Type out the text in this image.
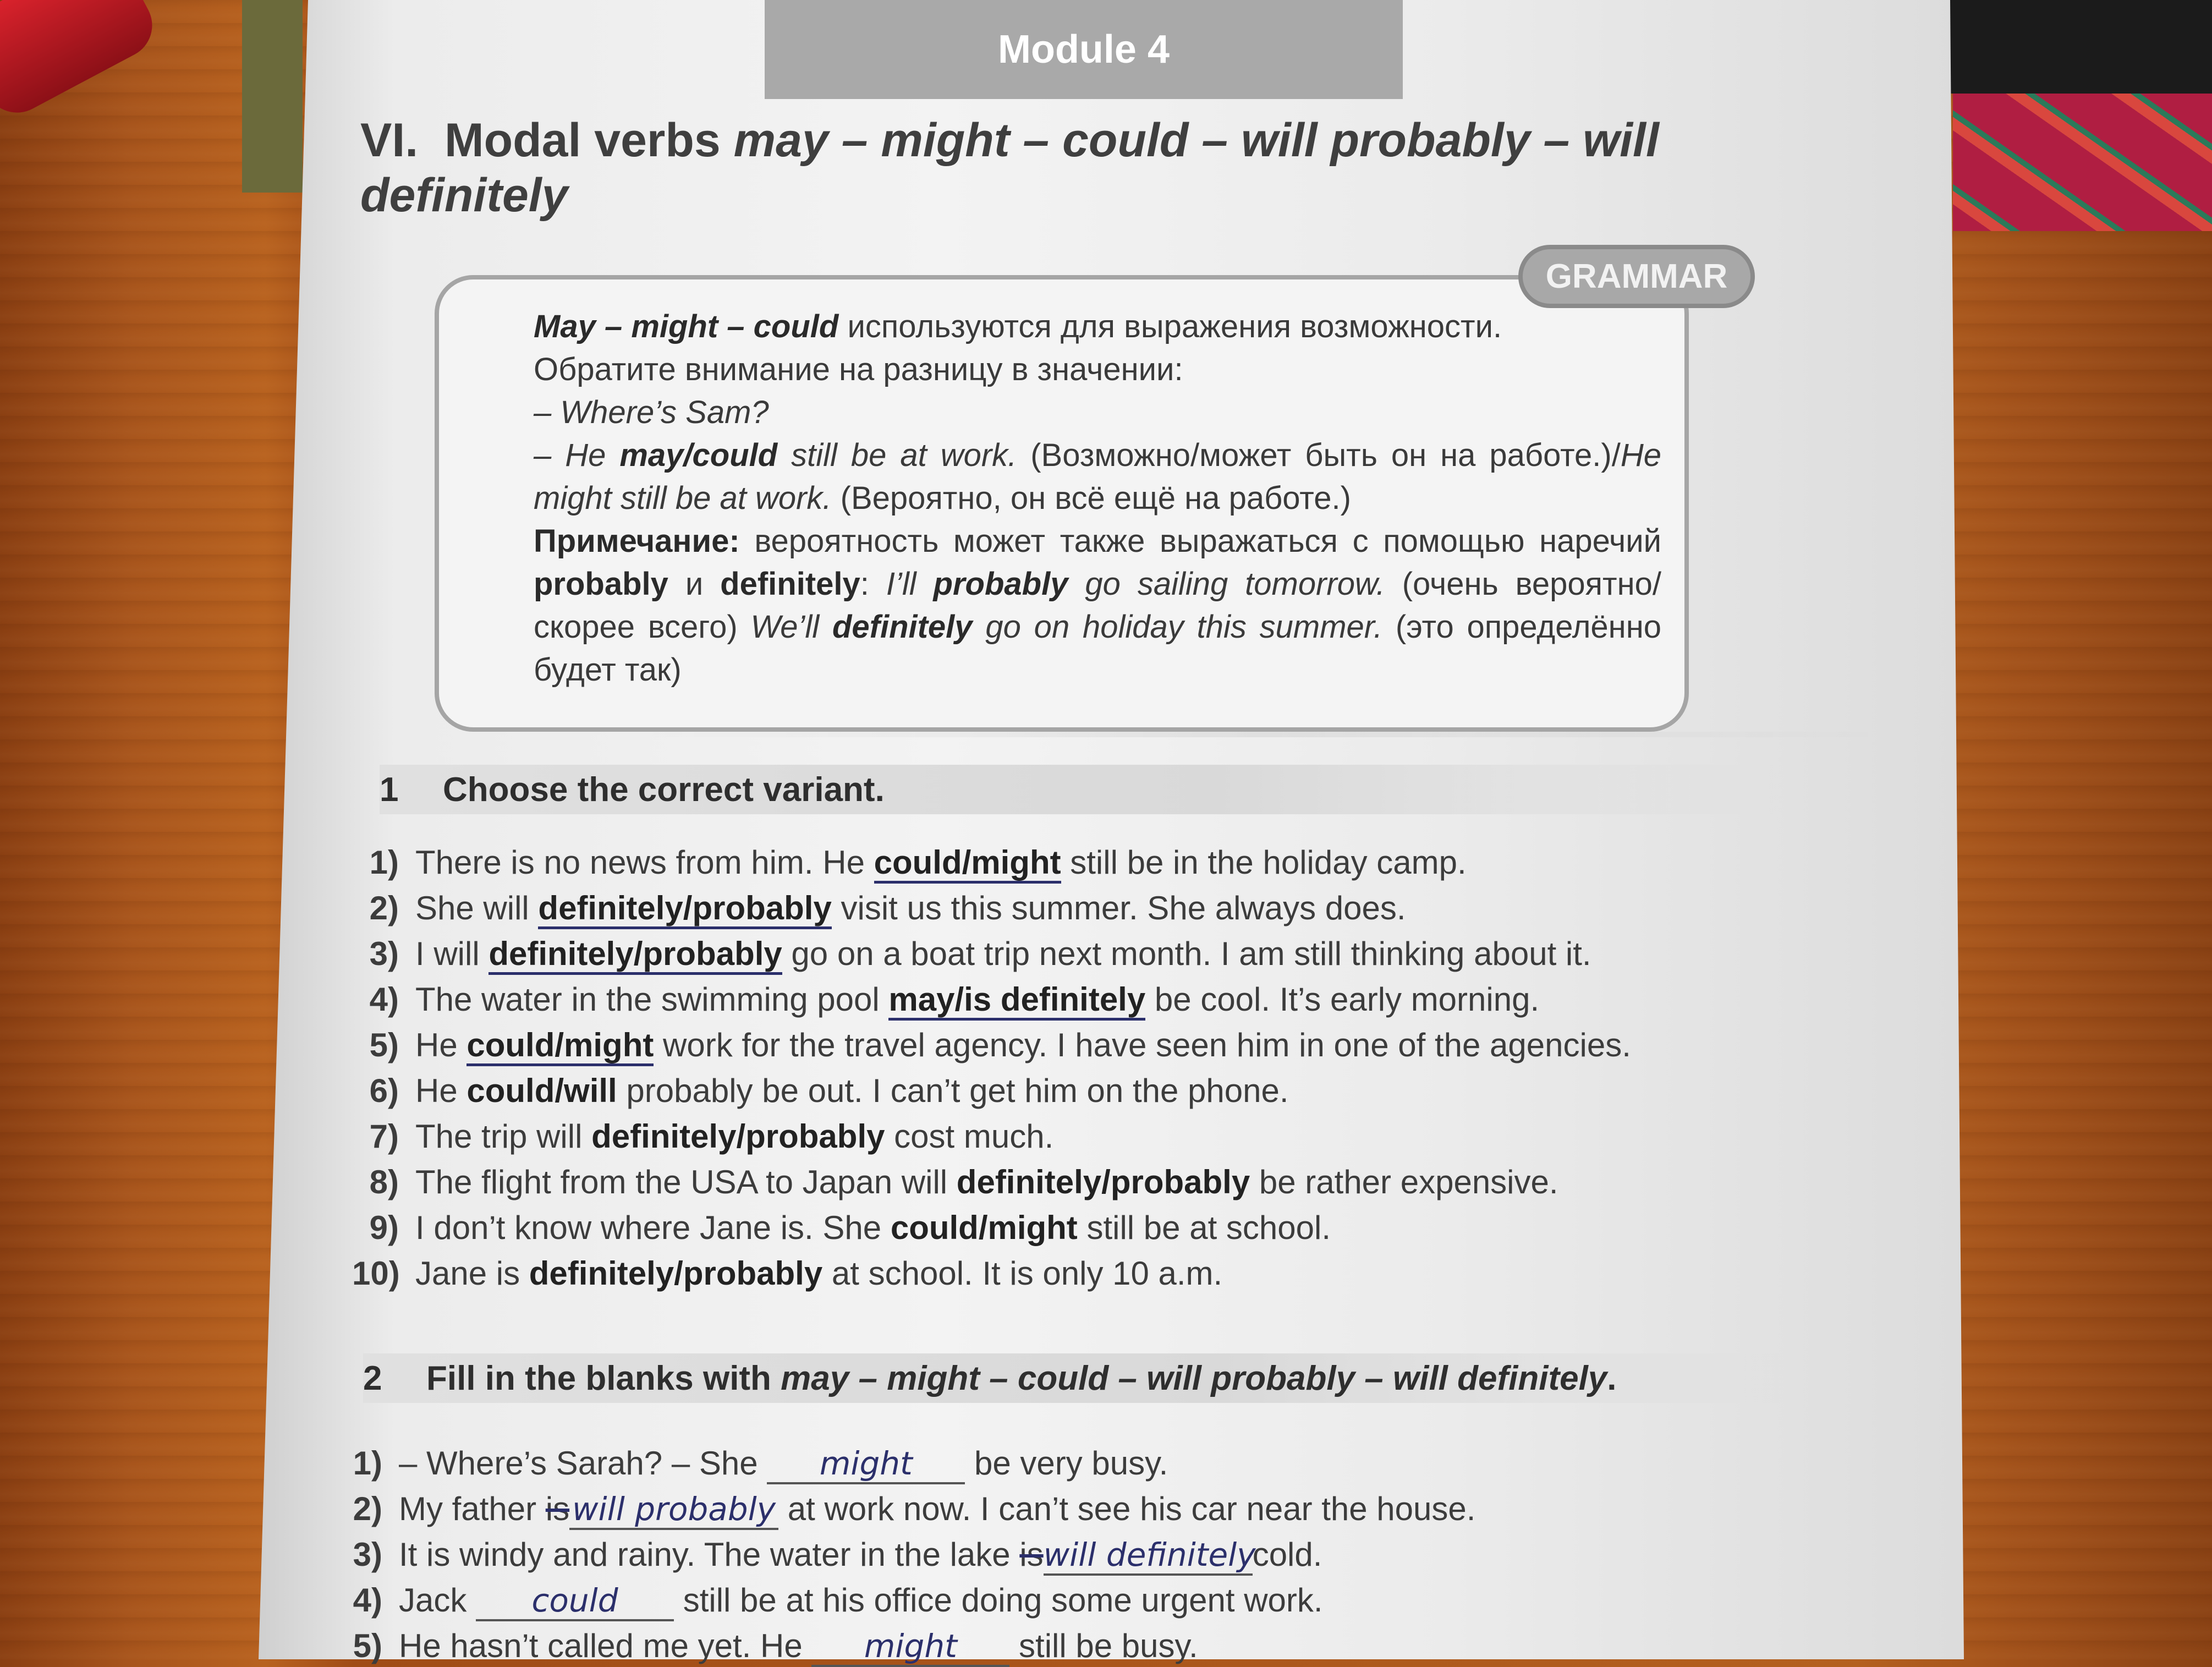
Module 4
VI. Modal verbs may – might – could – will probably – will
definitely
GRAMMAR

May – might – could используются для выражения возможности.

Обратите внимание на разницу в значении:

– Where’s Sam?

– He may/could still be at work. (Возможно/может быть он на работе.)/He might still be at work. (Вероятно, он всё ещё на работе.)

Примечание: вероятность может также выражаться с помощью наречий probably и definitely: I’ll probably go sailing tomorrow. (очень вероятно/скорее всего) We’ll definitely go on holiday this summer. (это определённо будет так)

1	Choose the correct variant.
1) There is no news from him. He could/might still be in the holiday camp.
2) She will definitely/probably visit us this summer. She always does.
3) I will definitely/probably go on a boat trip next month. I am still thinking about it.
4) The water in the swimming pool may/is definitely be cool. It’s early morning.
5) He could/might work for the travel agency. I have seen him in one of the agencies.
6) He could/will probably be out. I can’t get him on the phone.
7) The trip will definitely/probably cost much.
8) The flight from the USA to Japan will definitely/probably be rather expensive.
9) I don’t know where Jane is. She could/might still be at school.
10) Jane is definitely/probably at school. It is only 10 a.m.
2	Fill in the blanks with may – might – could – will probably – will definitely.
1) – Where’s Sarah? – She might be very busy.
2) My father iswill probably at work now. I can’t see his car near the house.
3) It is windy and rainy. The water in the lake iswill definitelycold.
4) Jack could still be at his office doing some urgent work.
5) He hasn’t called me yet. He might still be busy.
